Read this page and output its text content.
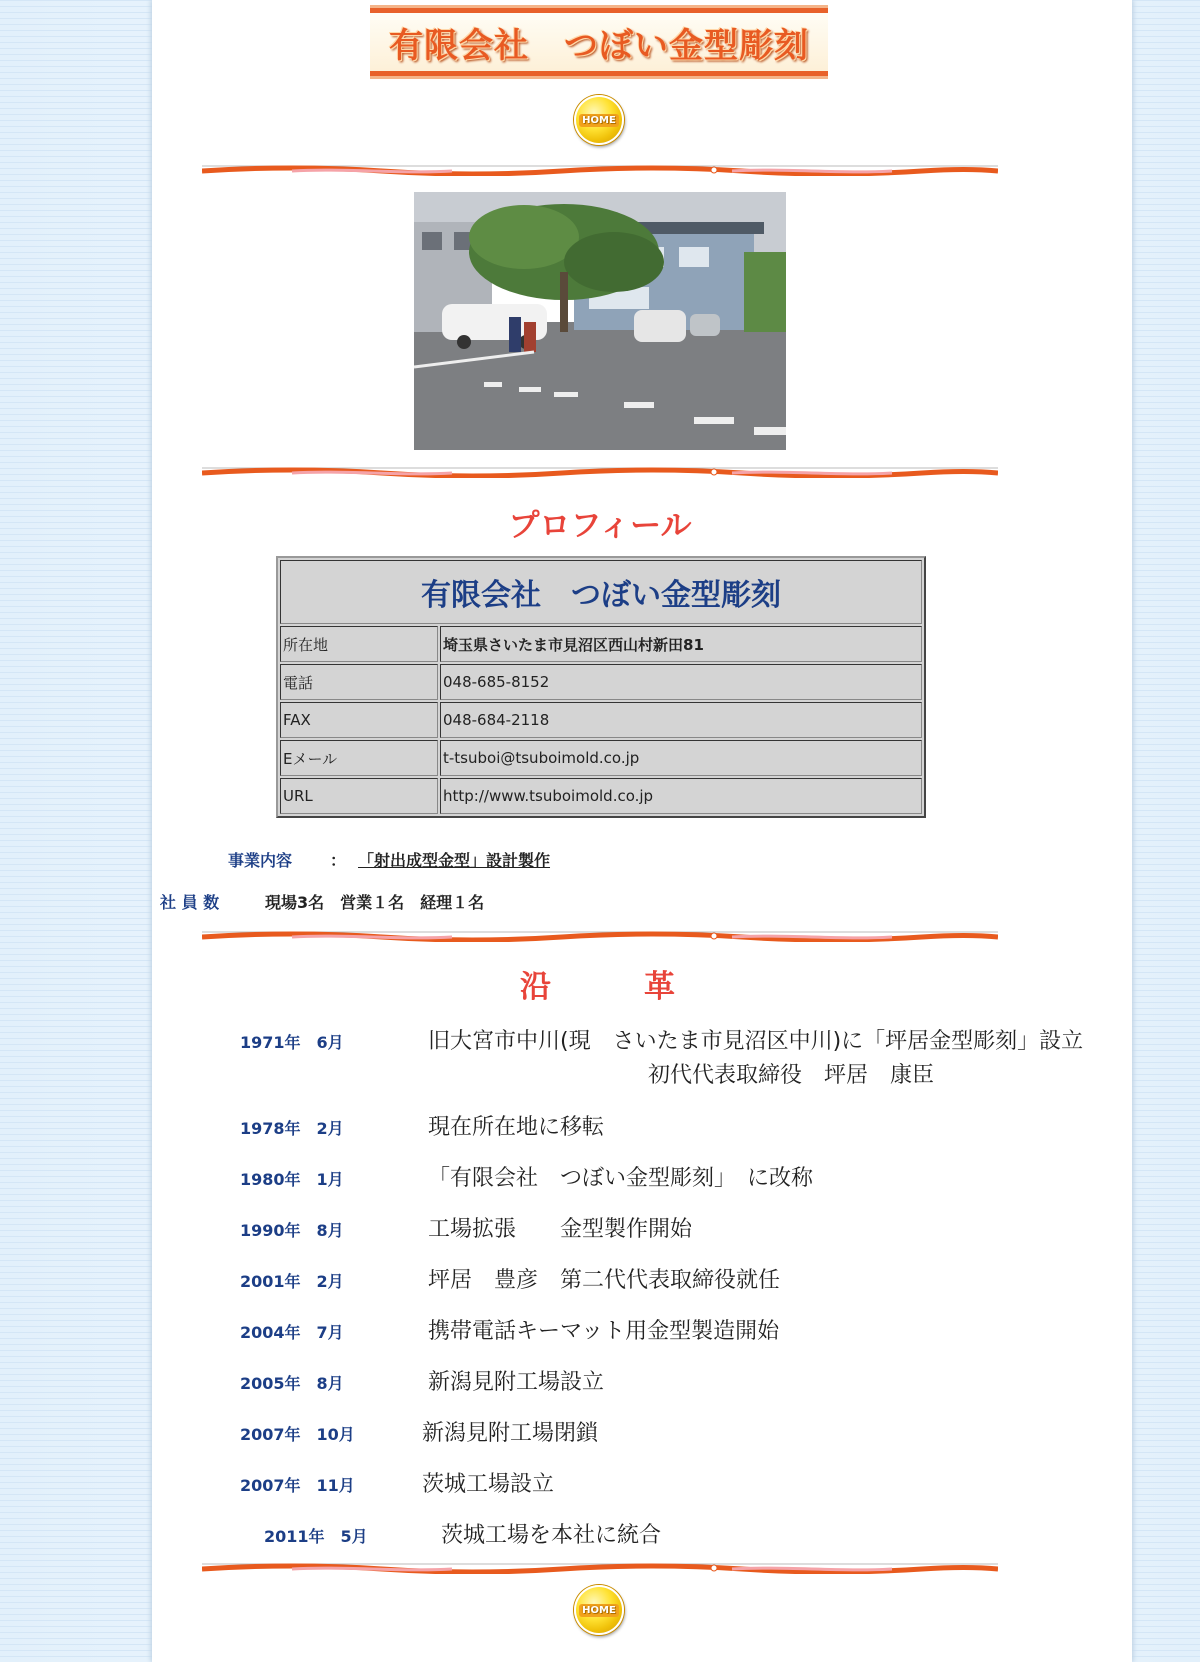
有限会社　つぼい金型彫刻
HOME
プロフィール
有限会社　つぼい金型彫刻	
所在地	埼玉県さいたま市見沼区西山村新田81
電話	048-685-8152
FAX	048-684-2118
Eメール	t-tsuboi@tsuboimold.co.jp
URL	http://www.tsuboimold.co.jp
事業内容 ： 「射出成型金型」設計製作
社 員 数	現場3名　営業１名　経理１名
沿　　　革
1971年　6月	旧大宮市中川(現　さいたま市見沼区中川)に「坪居金型彫刻」設立
初代代表取締役　坪居　康臣
1978年　2月	現在所在地に移転
1980年　1月	「有限会社　つぼい金型彫刻」　に改称
1990年　8月	工場拡張　　金型製作開始
2001年　2月	坪居　豊彦　第二代代表取締役就任
2004年　7月	携帯電話キーマット用金型製造開始
2005年　8月	新潟見附工場設立
2007年　10月	新潟見附工場閉鎖
2007年　11月	茨城工場設立
2011年　5月	茨城工場を本社に統合
HOME
